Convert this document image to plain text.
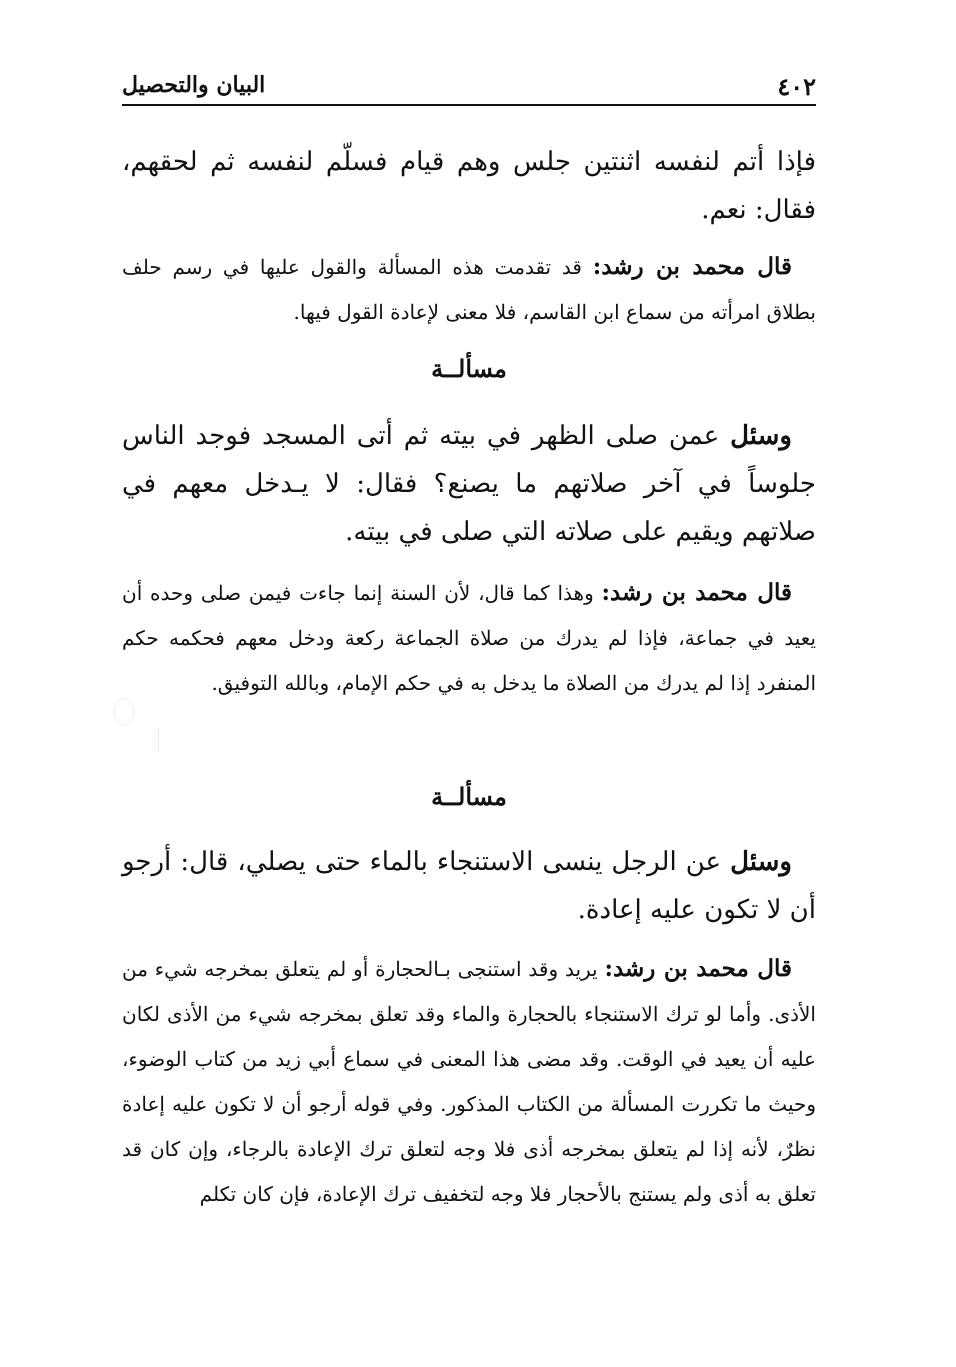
٤٠٢
البيان والتحصيل

فإذا أتم لنفسه اثنتين جلس وهم قيام فسلّم لنفسه ثم لحقهم، فقال: نعم.

قال محمد بن رشد: قد تقدمت هذه المسألة والقول عليها في رسم حلف بطلاق امرأته من سماع ابن القاسم، فلا معنى لإعادة القول فيها.

مسألــة

وسئل عمن صلى الظهر في بيته ثم أتى المسجد فوجد الناس جلوساً في آخر صلاتهم ما يصنع؟ فقال: لا يـدخل معهم في صلاتهم ويقيم على صلاته التي صلى في بيته.

قال محمد بن رشد: وهذا كما قال، لأن السنة إنما جاءت فيمن صلى وحده أن يعيد في جماعة، فإذا لم يدرك من صلاة الجماعة ركعة ودخل معهم فحكمه حكم المنفرد إذا لم يدرك من الصلاة ما يدخل به في حكم الإمام، وبالله التوفيق.

مسألــة

وسئل عن الرجل ينسى الاستنجاء بالماء حتى يصلي، قال: أرجو أن لا تكون عليه إعادة.

قال محمد بن رشد: يريد وقد استنجى بـالحجارة أو لم يتعلق بمخرجه شيء من الأذى. وأما لو ترك الاستنجاء بالحجارة والماء وقد تعلق بمخرجه شيء من الأذى لكان عليه أن يعيد في الوقت. وقد مضى هذا المعنى في سماع أبي زيد من كتاب الوضوء، وحيث ما تكررت المسألة من الكتاب المذكور. وفي قوله أرجو أن لا تكون عليه إعادة نظرٌ، لأنه إذا لم يتعلق بمخرجه أذى فلا وجه لتعلق ترك الإعادة بالرجاء، وإن كان قد تعلق به أذى ولم يستنج بالأحجار فلا وجه لتخفيف ترك الإعادة، فإن كان تكلم
